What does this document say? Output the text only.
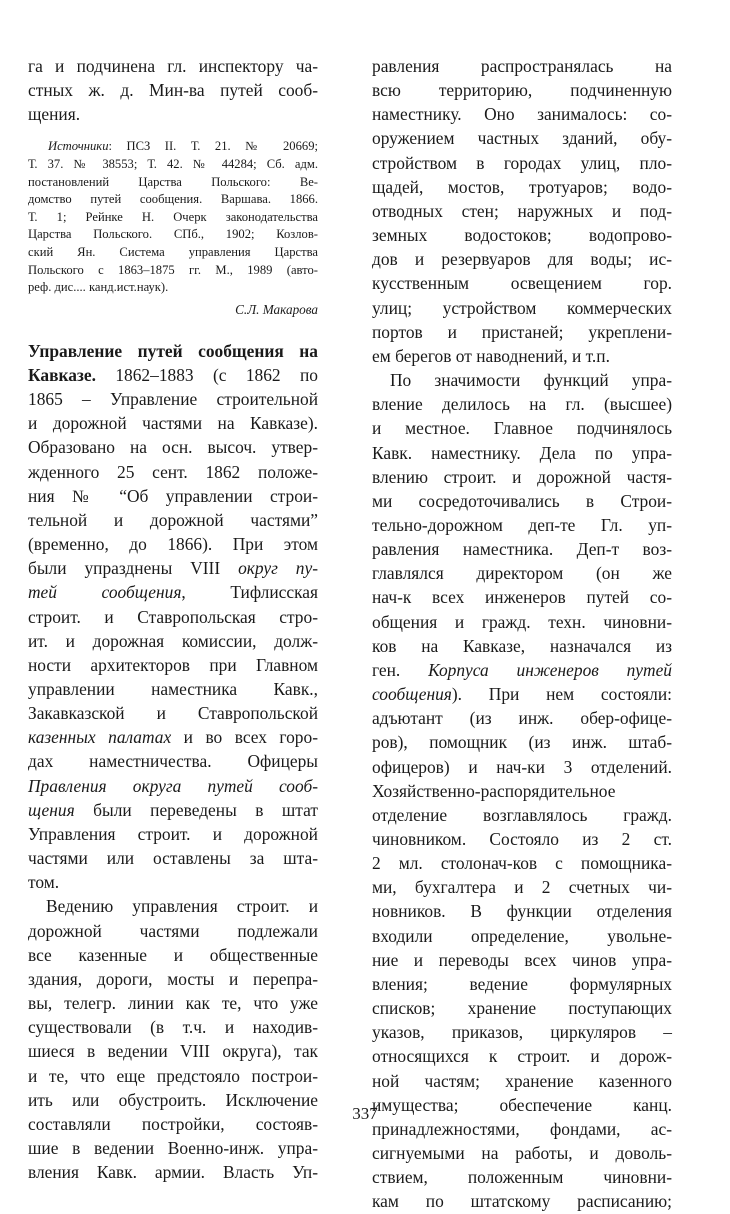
га и подчинена гл. инспектору ча-
стных ж. д. Мин-ва путей сооб-
щения.
Источники: ПСЗ II. Т. 21. № 20669;
Т. 37. № 38553; Т. 42. № 44284; Сб. адм.
постановлений Царства Польского: Ве-
домство путей сообщения. Варшава. 1866.
Т. 1; Рейнке Н. Очерк законодательства
Царства Польского. СПб., 1902; Козлов-
ский Ян. Система управления Царства
Польского с 1863–1875 гг. М., 1989 (авто-
реф. дис.... канд.ист.наук).
С.Л. Макарова
Управление путей сообщения на
Кавказе. 1862–1883 (с 1862 по
1865 – Управление строительной
и дорожной частями на Кавказе).
Образовано на осн. высоч. утвер-
жденного 25 сент. 1862 положе-
ния № “Об управлении строи-
тельной и дорожной частями”
(временно, до 1866). При этом
были упразднены VIII округ пу-
тей сообщения, Тифлисская
строит. и Ставропольская стро-
ит. и дорожная комиссии, долж-
ности архитекторов при Главном
управлении наместника Кавк.,
Закавказской и Ставропольской
казенных палатах и во всех горо-
дах наместничества. Офицеры
Правления округа путей сооб-
щения были переведены в штат
Управления строит. и дорожной
частями или оставлены за шта-
том.
Ведению управления строит. и
дорожной частями подлежали
все казенные и общественные
здания, дороги, мосты и перепра-
вы, телегр. линии как те, что уже
существовали (в т.ч. и находив-
шиеся в ведении VIII округа), так
и те, что еще предстояло построи-
ить или обустроить. Исключение
составляли постройки, состояв-
шие в ведении Военно-инж. упра-
вления Кавк. армии. Власть Уп-
равления распространялась на
всю территорию, подчиненную
наместнику. Оно занималось: со-
оружением частных зданий, обу-
стройством в городах улиц, пло-
щадей, мостов, тротуаров; водо-
отводных стен; наружных и под-
земных водостоков; водопрово-
дов и резервуаров для воды; ис-
кусственным освещением гор.
улиц; устройством коммерческих
портов и пристаней; укреплени-
ем берегов от наводнений, и т.п.
По значимости функций упра-
вление делилось на гл. (высшее)
и местное. Главное подчинялось
Кавк. наместнику. Дела по упра-
влению строит. и дорожной частя-
ми сосредоточивались в Строи-
тельно-дорожном деп-те Гл. уп-
равления наместника. Деп-т воз-
главлялся директором (он же
нач-к всех инженеров путей со-
общения и гражд. техн. чиновни-
ков на Кавказе, назначался из
ген. Корпуса инженеров путей
сообщения). При нем состояли:
адъютант (из инж. обер-офице-
ров), помощник (из инж. штаб-
офицеров) и нач-ки 3 отделений.
Хозяйственно-распорядительное
отделение возглавлялось гражд.
чиновником. Состояло из 2 ст.
2 мл. столонач-ков с помощника-
ми, бухгалтера и 2 счетных чи-
новников. В функции отделения
входили определение, увольне-
ние и переводы всех чинов упра-
вления; ведение формулярных
списков; хранение поступающих
указов, приказов, циркуляров –
относящихся к строит. и дорож-
ной частям; хранение казенного
имущества; обеспечение канц.
принадлежностями, фондами, ас-
сигнуемыми на работы, и доволь-
ствием, положенным чиновни-
кам по штатскому расписанию;
337
